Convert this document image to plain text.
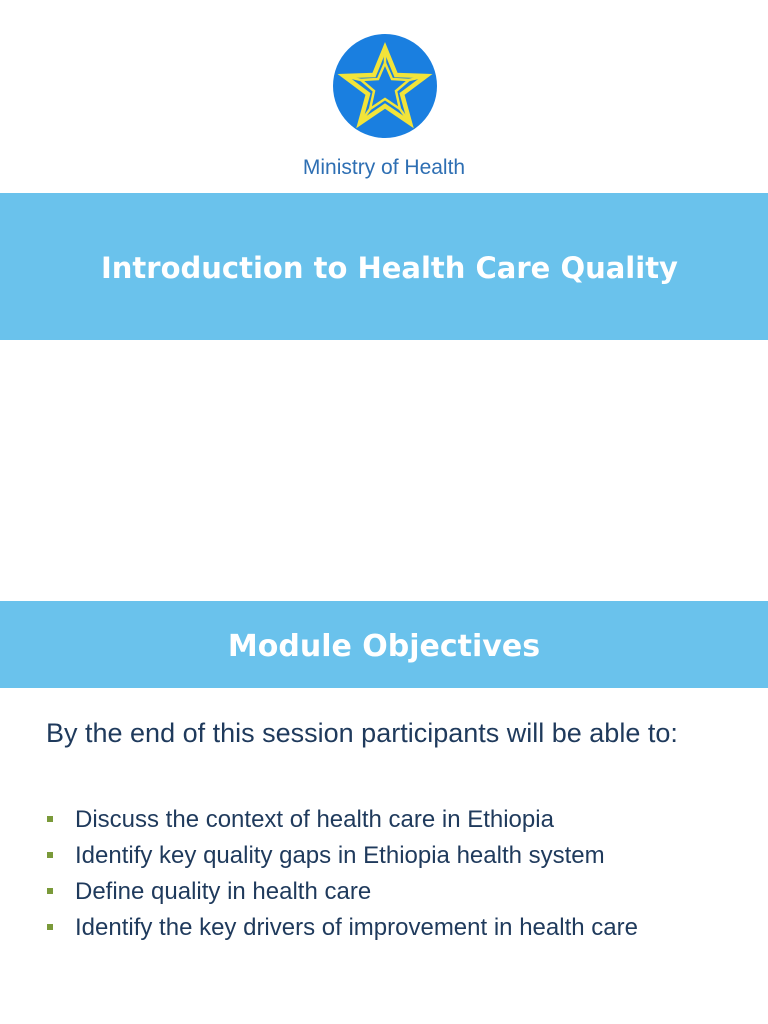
Ministry of Health
Introduction to Health Care Quality
Module Objectives
By the end of this session participants will be able to:
Discuss the context of health care in Ethiopia
Identify key quality gaps in Ethiopia health system
Define quality in health care
Identify the key drivers of improvement in health care
